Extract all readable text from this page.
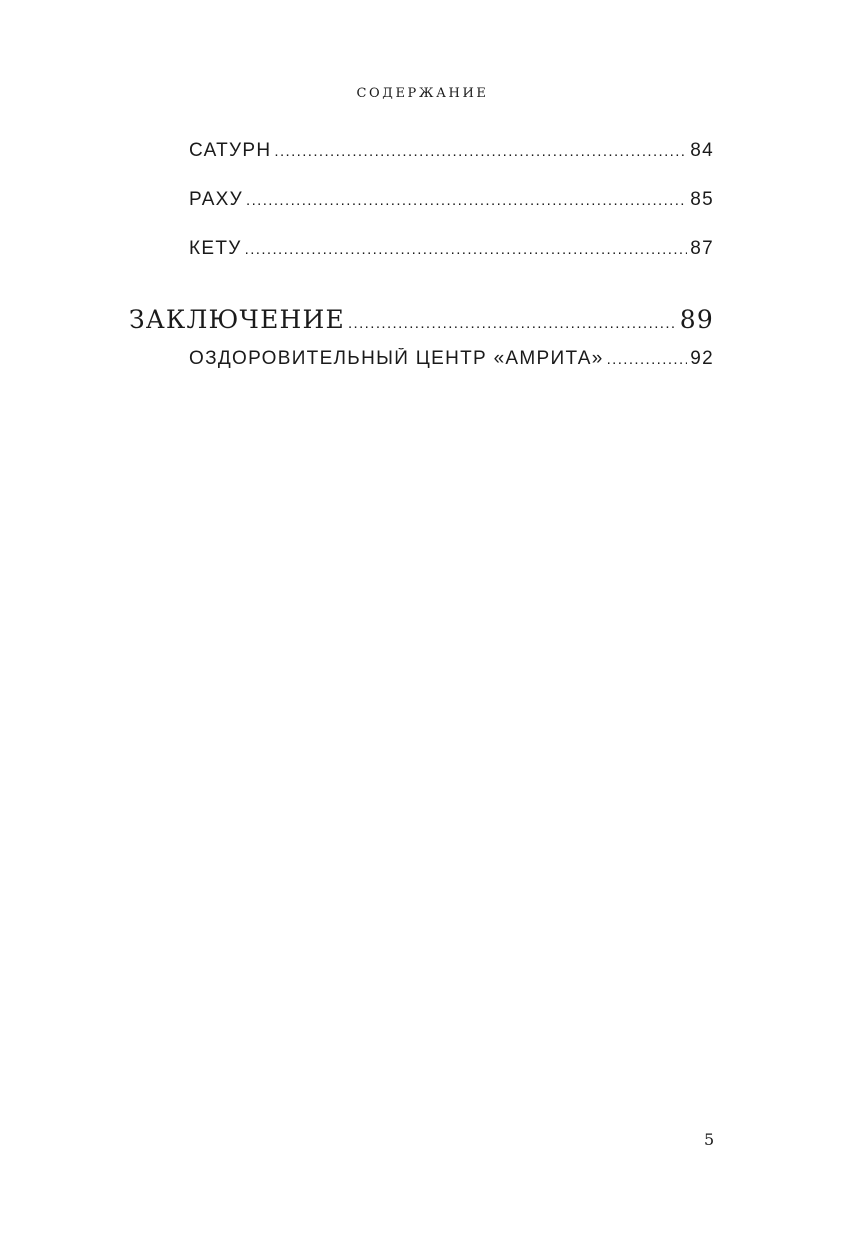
СОДЕРЖАНИЕ
САТУРН .....	84
РАХУ .....	85
КЕТУ .....	87
ЗАКЛЮЧЕНИЕ .....	89
ОЗДОРОВИТЕЛЬНЫЙ ЦЕНТР «АМРИТА» .....	92
5
